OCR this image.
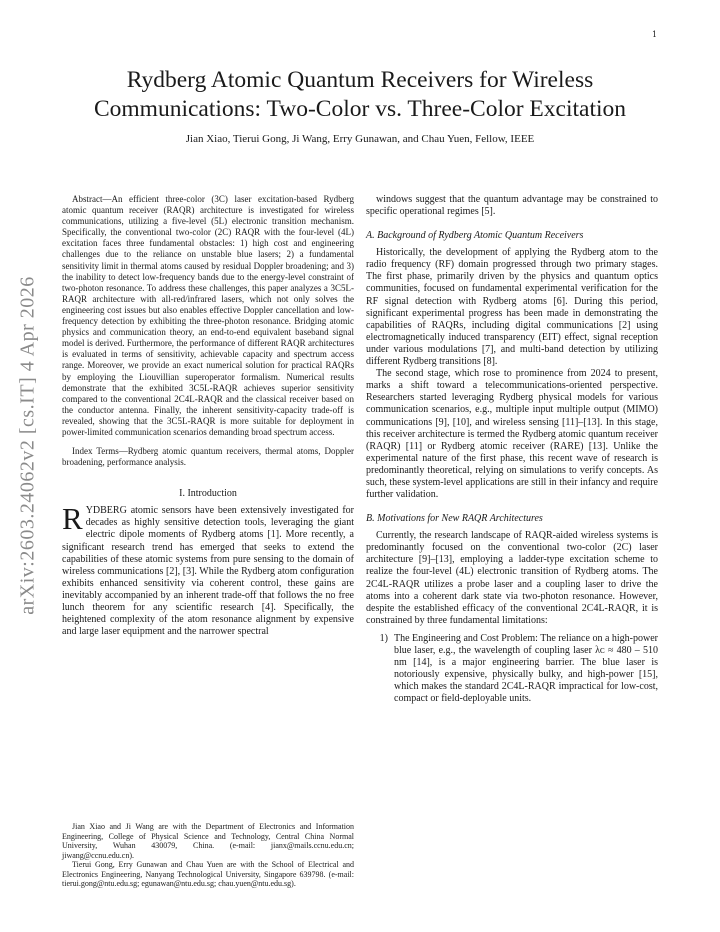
1
arXiv:2603.24062v2 [cs.IT] 4 Apr 2026
Rydberg Atomic Quantum Receivers for Wireless Communications: Two-Color vs. Three-Color Excitation

Jian Xiao, Tierui Gong, Ji Wang, Erry Gunawan, and Chau Yuen, Fellow, IEEE

Abstract—An efficient three-color (3C) laser excitation-based Rydberg atomic quantum receiver (RAQR) architecture is investigated for wireless communications, utilizing a five-level (5L) electronic transition mechanism. Specifically, the conventional two-color (2C) RAQR with the four-level (4L) excitation faces three fundamental obstacles: 1) high cost and engineering challenges due to the reliance on unstable blue lasers; 2) a fundamental sensitivity limit in thermal atoms caused by residual Doppler broadening; and 3) the inability to detect low-frequency bands due to the energy-level constraint of two-photon resonance. To address these challenges, this paper analyzes a 3C5L-RAQR architecture with all-red/infrared lasers, which not only solves the engineering cost issues but also enables effective Doppler cancellation and low-frequency detection by exhibiting the three-photon resonance. Bridging atomic physics and communication theory, an end-to-end equivalent baseband signal model is derived. Furthermore, the performance of different RAQR architectures is evaluated in terms of sensitivity, achievable capacity and spectrum access range. Moreover, we provide an exact numerical solution for practical RAQRs by employing the Liouvillian superoperator formalism. Numerical results demonstrate that the exhibited 3C5L-RAQR achieves superior sensitivity compared to the conventional 2C4L-RAQR and the classical receiver based on the conductor antenna. Finally, the inherent sensitivity-capacity trade-off is revealed, showing that the 3C5L-RAQR is more suitable for deployment in power-limited communication scenarios demanding broad spectrum access.

Index Terms—Rydberg atomic quantum receivers, thermal atoms, Doppler broadening, performance analysis.

I. Introduction

RYDBERG atomic sensors have been extensively investigated for decades as highly sensitive detection tools, leveraging the giant electric dipole moments of Rydberg atoms [1]. More recently, a significant research trend has emerged that seeks to extend the capabilities of these atomic systems from pure sensing to the domain of wireless communications [2], [3]. While the Rydberg atom configuration exhibits enhanced sensitivity via coherent control, these gains are inevitably accompanied by an inherent trade-off that follows the no free lunch theorem for any scientific research [4]. Specifically, the heightened complexity of the atom resonance alignment by expensive and large laser equipment and the narrower spectral

Jian Xiao and Ji Wang are with the Department of Electronics and Information Engineering, College of Physical Science and Technology, Central China Normal University, Wuhan 430079, China. (e-mail: jianx@mails.ccnu.edu.cn; jiwang@ccnu.edu.cn).

Tierui Gong, Erry Gunawan and Chau Yuen are with the School of Electrical and Electronics Engineering, Nanyang Technological University, Singapore 639798. (e-mail: tierui.gong@ntu.edu.sg; egunawan@ntu.edu.sg; chau.yuen@ntu.edu.sg).

windows suggest that the quantum advantage may be constrained to specific operational regimes [5].

A. Background of Rydberg Atomic Quantum Receivers

Historically, the development of applying the Rydberg atom to the radio frequency (RF) domain progressed through two primary stages. The first phase, primarily driven by the physics and quantum optics communities, focused on fundamental experimental verification for the RF signal detection with Rydberg atoms [6]. During this period, significant experimental progress has been made in demonstrating the capabilities of RAQRs, including digital communications [2] using electromagnetically induced transparency (EIT) effect, signal reception under various modulations [7], and multi-band detection by utilizing different Rydberg transitions [8].

The second stage, which rose to prominence from 2024 to present, marks a shift toward a telecommunications-oriented perspective. Researchers started leveraging Rydberg physical models for various communication scenarios, e.g., multiple input multiple output (MIMO) communications [9], [10], and wireless sensing [11]–[13]. In this stage, this receiver architecture is termed the Rydberg atomic quantum receiver (RAQR) [11] or Rydberg atomic receiver (RARE) [13]. Unlike the experimental nature of the first phase, this recent wave of research is predominantly theoretical, relying on simulations to verify concepts. As such, these system-level applications are still in their infancy and require further validation.

B. Motivations for New RAQR Architectures

Currently, the research landscape of RAQR-aided wireless systems is predominantly focused on the conventional two-color (2C) laser architecture [9]–[13], employing a ladder-type excitation scheme to realize the four-level (4L) electronic transition of Rydberg atoms. The 2C4L-RAQR utilizes a probe laser and a coupling laser to drive the atoms into a coherent dark state via two-photon resonance. However, despite the established efficacy of the conventional 2C4L-RAQR, it is constrained by three fundamental limitations:

1) The Engineering and Cost Problem: The reliance on a high-power blue laser, e.g., the wavelength of coupling laser λᴄ ≈ 480 – 510 nm [14], is a major engineering barrier. The blue laser is notoriously expensive, physically bulky, and high-power [15], which makes the standard 2C4L-RAQR impractical for low-cost, compact or field-deployable units.
